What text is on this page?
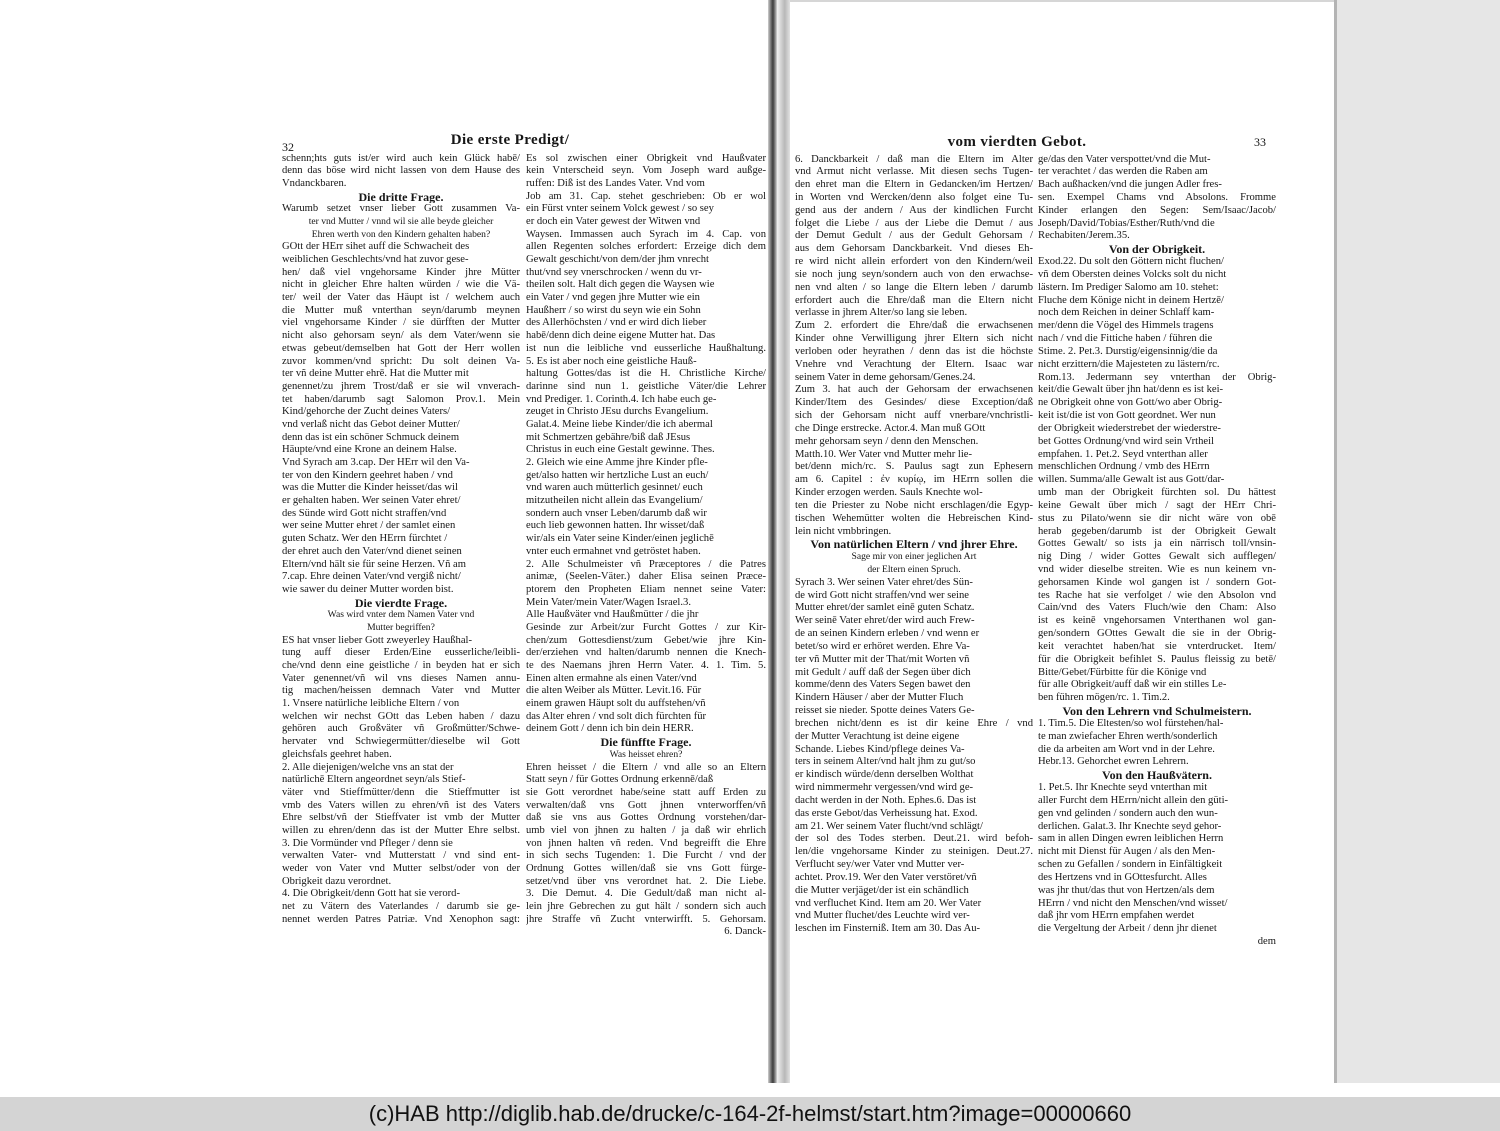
Die erste Predigt/
32
schenn;hts guts ist/er wird auch kein Glück habē/
denn das böse wird nicht lassen von dem Hause des
Vndanckbaren.
Die dritte Frage.
Warumb setzet vnser lieber Gott zusammen Va-
ter vnd Mutter / vnnd wil sie alle beyde gleicher
Ehren werth von den Kindern gehalten haben?
GOtt der HErr sihet auff die Schwacheit des
weiblichen Geschlechts/vnd hat zuvor gese-
hen/ daß viel vngehorsame Kinder jhre Mütter
nicht in gleicher Ehre halten würden / wie die Vä-
ter/ weil der Vater das Häupt ist / welchem auch
die Mutter muß vnterthan seyn/darumb meynen
viel vngehorsame Kinder / sie dürfften der Mutter
nicht also gehorsam seyn/ als dem Vater/wenn sie
etwas gebeut/demselben hat Gott der Herr wollen
zuvor kommen/vnd spricht: Du solt deinen Va-
ter vñ deine Mutter ehrē. Hat die Mutter mit
genennet/zu jhrem Trost/daß er sie wil vnverach-
tet haben/darumb sagt Salomon Prov.1. Mein
Kind/gehorche der Zucht deines Vaters/
vnd verlaß nicht das Gebot deiner Mutter/
denn das ist ein schöner Schmuck deinem
Häupte/vnd eine Krone an deinem Halse.
Vnd Syrach am 3.cap. Der HErr wil den Va-
ter von den Kindern geehret haben / vnd
was die Mutter die Kinder heisset/das wil
er gehalten haben. Wer seinen Vater ehret/
des Sünde wird Gott nicht straffen/vnd
wer seine Mutter ehret / der samlet einen
guten Schatz. Wer den HErrn fürchtet /
der ehret auch den Vater/vnd dienet seinen
Eltern/vnd hält sie für seine Herzen. Vñ am
7.cap. Ehre deinen Vater/vnd vergiß nicht/
wie sawer du deiner Mutter worden bist.
Die vierdte Frage.
Was wird vnter dem Namen Vater vnd
Mutter begriffen?
ES hat vnser lieber Gott zweyerley Haußhal-
tung auff dieser Erden/Eine eusserliche/leibli-
che/vnd denn eine geistliche / in beyden hat er sich
Vater genennet/vñ wil vns dieses Namen annu-
tig machen/heissen demnach Vater vnd Mutter
1. Vnsere natürliche leibliche Eltern / von
welchen wir nechst GOtt das Leben haben / dazu
gehören auch Großväter vñ Großmütter/Schwe-
hervater vnd Schwiegermütter/dieselbe wil Gott
gleichsfals geehret haben.
2. Alle diejenigen/welche vns an stat der
natürlichē Eltern angeordnet seyn/als Stief-
väter vnd Stieffmütter/denn die Stieffmutter ist
vmb des Vaters willen zu ehren/vñ ist des Vaters
Ehre selbst/vñ der Stieffvater ist vmb der Mutter
willen zu ehren/denn das ist der Mutter Ehre selbst.
3. Die Vormünder vnd Pfleger / denn sie
verwalten Vater- vnd Mutterstatt / vnd sind ent-
weder von Vater vnd Mutter selbst/oder von der
Obrigkeit dazu verordnet.
4. Die Obrigkeit/denn Gott hat sie verord-
net zu Vätern des Vaterlandes / darumb sie ge-
nennet werden Patres Patriæ. Vnd Xenophon sagt:
Es sol zwischen einer Obrigkeit vnd Haußvater
kein Vnterscheid seyn. Vom Joseph ward außge-
ruffen: Diß ist des Landes Vater. Vnd vom
Job am 31. Cap. stehet geschrieben: Ob er wol
ein Fürst vnter seinem Volck gewest / so sey
er doch ein Vater gewest der Witwen vnd
Waysen. Immassen auch Syrach im 4. Cap. von
allen Regenten solches erfordert: Erzeige dich dem
Gewalt geschicht/von dem/der jhm vnrecht
thut/vnd sey vnerschrocken / wenn du vr-
theilen solt. Halt dich gegen die Waysen wie
ein Vater / vnd gegen jhre Mutter wie ein
Haußherr / so wirst du seyn wie ein Sohn
des Allerhöchsten / vnd er wird dich lieber
habē/denn dich deine eigene Mutter hat. Das
ist nun die leibliche vnd eusserliche Haußhaltung.
5. Es ist aber noch eine geistliche Hauß-
haltung Gottes/das ist die H. Christliche Kirche/
darinne sind nun 1. geistliche Väter/die Lehrer
vnd Prediger. 1. Corinth.4. Ich habe euch ge-
zeuget in Christo JEsu durchs Evangelium.
Galat.4. Meine liebe Kinder/die ich abermal
mit Schmertzen gebähre/biß daß JEsus
Christus in euch eine Gestalt gewinne. Thes.
2. Gleich wie eine Amme jhre Kinder pfle-
get/also hatten wir hertzliche Lust an euch/
vnd waren auch mütterlich gesinnet/ euch
mitzutheilen nicht allein das Evangelium/
sondern auch vnser Leben/darumb daß wir
euch lieb gewonnen hatten. Ihr wisset/daß
wir/als ein Vater seine Kinder/einen jeglichē
vnter euch ermahnet vnd getröstet haben.
2. Alle Schulmeister vñ Præceptores / die Patres
animæ, (Seelen-Väter.) daher Elisa seinen Præce-
ptorem den Propheten Eliam nennet seine Vater:
Mein Vater/mein Vater/Wagen Israel.3.
Alle Haußväter vnd Haußmütter / die jhr
Gesinde zur Arbeit/zur Furcht Gottes / zur Kir-
chen/zum Gottesdienst/zum Gebet/wie jhre Kin-
der/erziehen vnd halten/darumb nennen die Knech-
te des Naemans jhren Herrn Vater. 4. 1. Tim. 5.
Einen alten ermahne als einen Vater/vnd
die alten Weiber als Mütter. Levit.16. Für
einem grawen Häupt solt du auffstehen/vñ
das Alter ehren / vnd solt dich fürchten für
deinem Gott / denn ich bin dein HERR.
Die fünffte Frage.
Was heisset ehren?
Ehren heisset / die Eltern / vnd alle so an Eltern
Statt seyn / für Gottes Ordnung erkennē/daß
sie Gott verordnet habe/seine statt auff Erden zu
verwalten/daß vns Gott jhnen vnterworffen/vñ
daß sie vns aus Gottes Ordnung vorstehen/dar-
umb viel von jhnen zu halten / ja daß wir ehrlich
von jhnen halten vñ reden. Vnd begreifft die Ehre
in sich sechs Tugenden: 1. Die Furcht / vnd der
Ordnung Gottes willen/daß sie vns Gott fürge-
setzet/vnd über vns verordnet hat. 2. Die Liebe.
3. Die Demut. 4. Die Gedult/daß man nicht al-
lein jhre Gebrechen zu gut hält / sondern sich auch
jhre Straffe vñ Zucht vnterwirfft. 5. Gehorsam.
6. Danck-
vom vierdten Gebot.	33
6. Danckbarkeit / daß man die Eltern im Alter
vnd Armut nicht verlasse. Mit diesen sechs Tugen-
den ehret man die Eltern in Gedancken/im Hertzen/
in Worten vnd Wercken/denn also folget eine Tu-
gend aus der andern / Aus der kindlichen Furcht
folget die Liebe / aus der Liebe die Demut / aus
der Demut Gedult / aus der Gedult Gehorsam /
aus dem Gehorsam Danckbarkeit. Vnd dieses Eh-
re wird nicht allein erfordert von den Kindern/weil
sie noch jung seyn/sondern auch von den erwachse-
nen vnd alten / so lange die Eltern leben / darumb
erfordert auch die Ehre/daß man die Eltern nicht
verlasse in jhrem Alter/so lang sie leben.
Zum 2. erfordert die Ehre/daß die erwachsenen
Kinder ohne Verwilligung jhrer Eltern sich nicht
verloben oder heyrathen / denn das ist die höchste
Vnehre vnd Verachtung der Eltern. Isaac war
seinem Vater in deme gehorsam/Genes.24.
Zum 3. hat auch der Gehorsam der erwachsenen
Kinder/Item des Gesindes/ diese Exception/daß
sich der Gehorsam nicht auff vnerbare/vnchristli-
che Dinge erstrecke. Actor.4. Man muß GOtt
mehr gehorsam seyn / denn den Menschen.
Matth.10. Wer Vater vnd Mutter mehr lie-
bet/denn mich/rc. S. Paulus sagt zun Ephesern
am 6. Capitel : ἐν κυρίῳ, im HErrn sollen die
Kinder erzogen werden. Sauls Knechte wol-
ten die Priester zu Nobe nicht erschlagen/die Egyp-
tischen Wehemütter wolten die Hebreischen Kind-
lein nicht vmbbringen.
Von natürlichen Eltern / vnd jhrer Ehre.
Sage mir von einer jeglichen Art
der Eltern einen Spruch.
Syrach 3. Wer seinen Vater ehret/des Sün-
de wird Gott nicht straffen/vnd wer seine
Mutter ehret/der samlet einē guten Schatz.
Wer seinē Vater ehret/der wird auch Frew-
de an seinen Kindern erleben / vnd wenn er
betet/so wird er erhöret werden. Ehre Va-
ter vñ Mutter mit der That/mit Worten vñ
mit Gedult / auff daß der Segen über dich
komme/denn des Vaters Segen bawet den
Kindern Häuser / aber der Mutter Fluch
reisset sie nieder. Spotte deines Vaters Ge-
brechen nicht/denn es ist dir keine Ehre / vnd
der Mutter Verachtung ist deine eigene
Schande. Liebes Kind/pflege deines Va-
ters in seinem Alter/vnd halt jhm zu gut/so
er kindisch würde/denn derselben Wolthat
wird nimmermehr vergessen/vnd wird ge-
dacht werden in der Noth. Ephes.6. Das ist
das erste Gebot/das Verheissung hat. Exod.
am 21. Wer seinem Vater flucht/vnd schlägt/
der sol des Todes sterben. Deut.21. wird befoh-
len/die vngehorsame Kinder zu steinigen. Deut.27.
Verflucht sey/wer Vater vnd Mutter ver-
achtet. Prov.19. Wer den Vater verstöret/vñ
die Mutter verjäget/der ist ein schändlich
vnd verfluchet Kind. Item am 20. Wer Vater
vnd Mutter fluchet/des Leuchte wird ver-
leschen im Finsterniß. Item am 30. Das Au-
ge/das den Vater verspottet/vnd die Mut-
ter verachtet / das werden die Raben am
Bach außhacken/vnd die jungen Adler fres-
sen. Exempel Chams vnd Absolons. Fromme
Kinder erlangen den Segen: Sem/Isaac/Jacob/
Joseph/David/Tobias/Esther/Ruth/vnd die
Rechabiten/Jerem.35.
Von der Obrigkeit.
Exod.22. Du solt den Göttern nicht fluchen/
vñ dem Obersten deines Volcks solt du nicht
lästern. Im Prediger Salomo am 10. stehet:
Fluche dem Könige nicht in deinem Hertzē/
noch dem Reichen in deiner Schlaff kam-
mer/denn die Vögel des Himmels tragens
nach / vnd die Fittiche haben / führen die
Stime. 2. Pet.3. Durstig/eigensinnig/die da
nicht erzittern/die Majesteten zu lästern/rc.
Rom.13. Jedermann sey vnterthan der Obrig-
keit/die Gewalt über jhn hat/denn es ist kei-
ne Obrigkeit ohne von Gott/wo aber Obrig-
keit ist/die ist von Gott geordnet. Wer nun
der Obrigkeit wiederstrebet der wiederstre-
bet Gottes Ordnung/vnd wird sein Vrtheil
empfahen. 1. Pet.2. Seyd vnterthan aller
menschlichen Ordnung / vmb des HErrn
willen. Summa/alle Gewalt ist aus Gott/dar-
umb man der Obrigkeit fürchten sol. Du hättest
keine Gewalt über mich / sagt der HErr Chri-
stus zu Pilato/wenn sie dir nicht wäre von obē
herab gegeben/darumb ist der Obrigkeit Gewalt
Gottes Gewalt/ so ists ja ein närrisch toll/vnsin-
nig Ding / wider Gottes Gewalt sich aufflegen/
vnd wider dieselbe streiten. Wie es nun keinem vn-
gehorsamen Kinde wol gangen ist / sondern Got-
tes Rache hat sie verfolget / wie den Absolon vnd
Cain/vnd des Vaters Fluch/wie den Cham: Also
ist es keinē vngehorsamen Vnterthanen wol gan-
gen/sondern GOttes Gewalt die sie in der Obrig-
keit verachtet haben/hat sie vnterdrucket. Item/
für die Obrigkeit befihlet S. Paulus fleissig zu betē/
Bitte/Gebet/Fürbitte für die Könige vnd
für alle Obrigkeit/auff daß wir ein stilles Le-
ben führen mögen/rc. 1. Tim.2.
Von den Lehrern vnd Schulmeistern.
1. Tim.5. Die Eltesten/so wol fürstehen/hal-
te man zwiefacher Ehren werth/sonderlich
die da arbeiten am Wort vnd in der Lehre.
Hebr.13. Gehorchet ewren Lehrern.
Von den Haußvätern.
1. Pet.5. Ihr Knechte seyd vnterthan mit
aller Furcht dem HErrn/nicht allein den güti-
gen vnd gelinden / sondern auch den wun-
derlichen. Galat.3. Ihr Knechte seyd gehor-
sam in allen Dingen ewren leiblichen Herrn
nicht mit Dienst für Augen / als den Men-
schen zu Gefallen / sondern in Einfältigkeit
des Hertzens vnd in GOttesfurcht. Alles
was jhr thut/das thut von Hertzen/als dem
HErrn / vnd nicht den Menschen/vnd wisset/
daß jhr vom HErrn empfahen werdet
die Vergeltung der Arbeit / denn jhr dienet
dem
(c)HAB http://diglib.hab.de/drucke/c-164-2f-helmst/start.htm?image=00000660
